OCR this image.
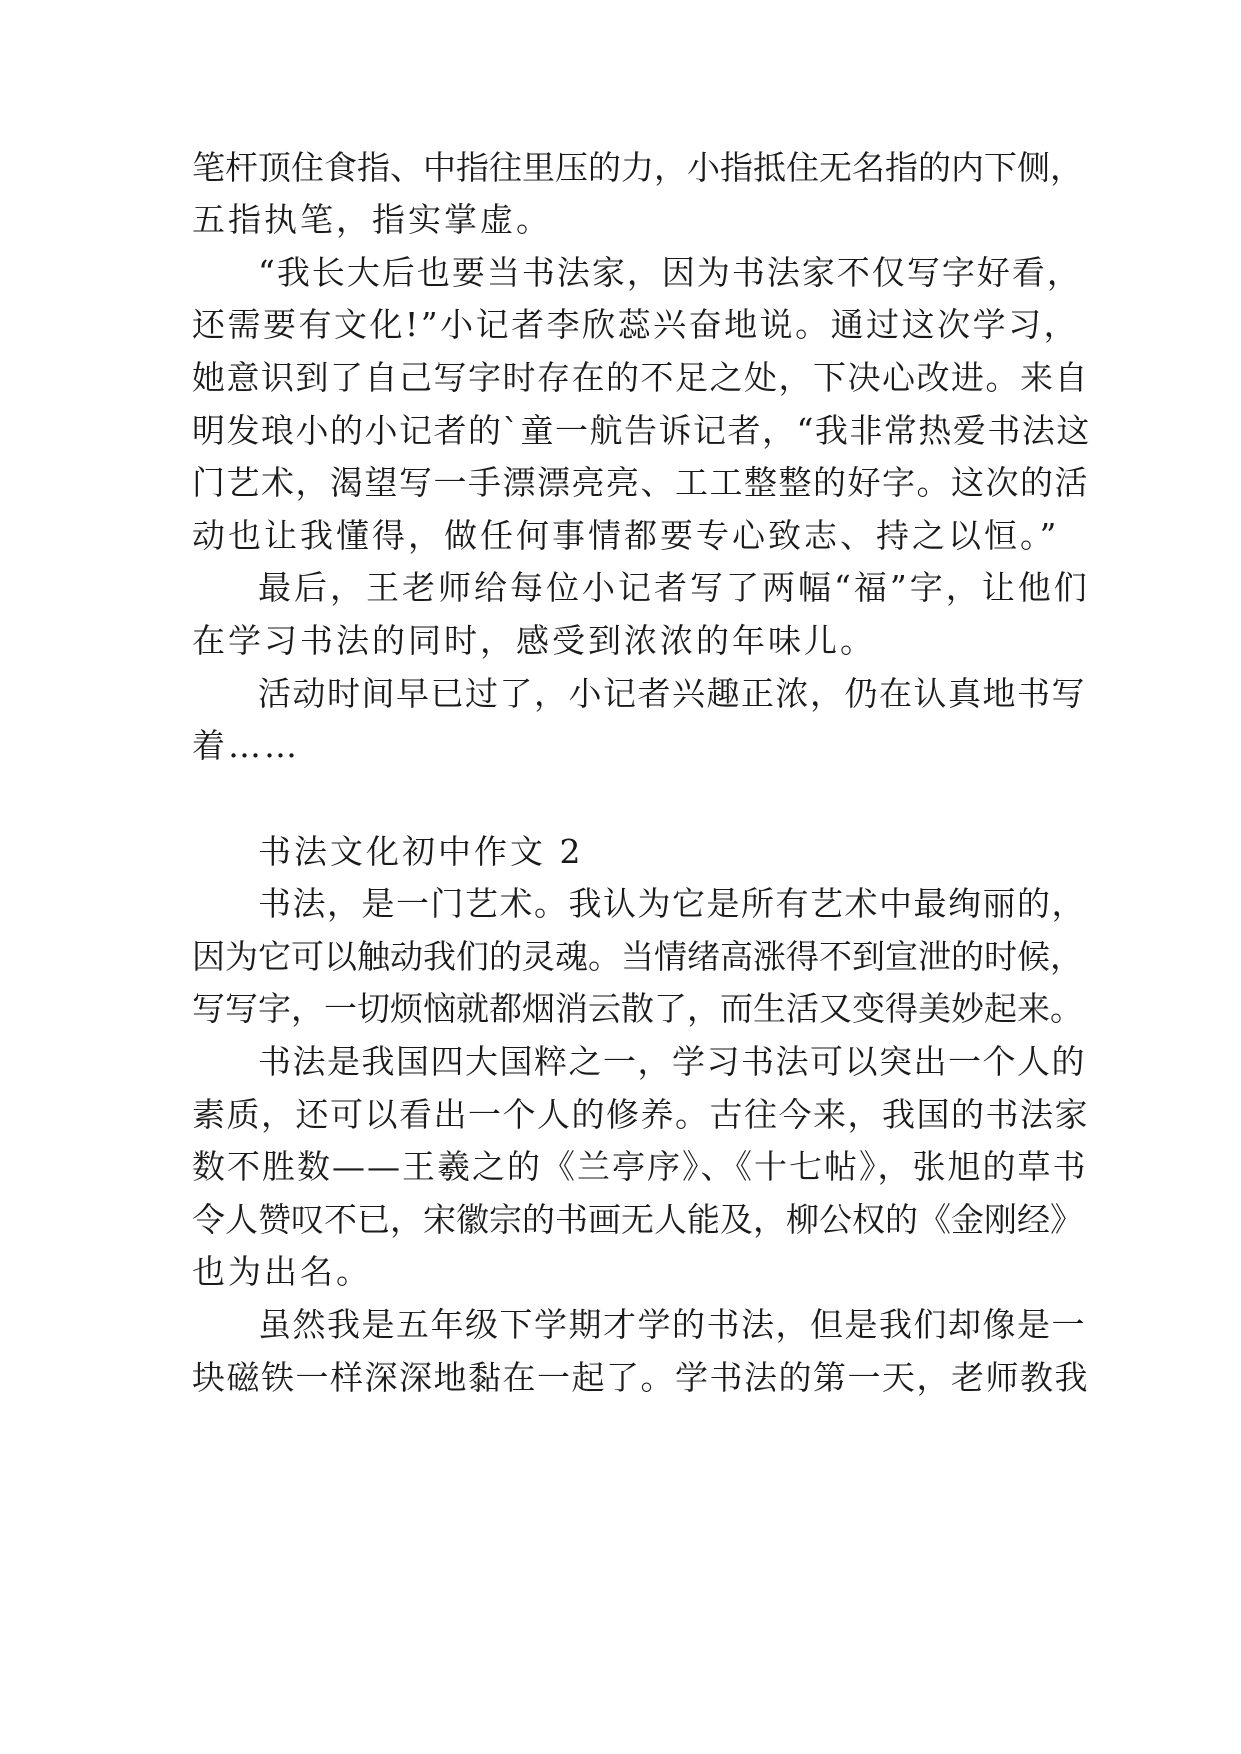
笔杆顶住食指、中指往里压的力，小指抵住无名指的内下侧，
五指执笔，指实掌虚。
“我长大后也要当书法家，因为书法家不仅写字好看，
还需要有文化!”小记者李欣蕊兴奋地说。通过这次学习，
她意识到了自己写字时存在的不足之处，下决心改进。来自
明发琅小的小记者的`童一航告诉记者，“我非常热爱书法这
门艺术，渴望写一手漂漂亮亮、工工整整的好字。这次的活
动也让我懂得，做任何事情都要专心致志、持之以恒。”
最后，王老师给每位小记者写了两幅“福”字，让他们
在学习书法的同时，感受到浓浓的年味儿。
活动时间早已过了，小记者兴趣正浓，仍在认真地书写
着……
书法文化初中作文 2
书法，是一门艺术。我认为它是所有艺术中最绚丽的，
因为它可以触动我们的灵魂。当情绪高涨得不到宣泄的时候，
写写字，一切烦恼就都烟消云散了，而生活又变得美妙起来。
书法是我国四大国粹之一，学习书法可以突出一个人的
素质，还可以看出一个人的修养。古往今来，我国的书法家
数不胜数——王羲之的《兰亭序》、《十七帖》，张旭的草书
令人赞叹不已，宋徽宗的书画无人能及，柳公权的《金刚经》
也为出名。
虽然我是五年级下学期才学的书法，但是我们却像是一
块磁铁一样深深地黏在一起了。学书法的第一天，老师教我
